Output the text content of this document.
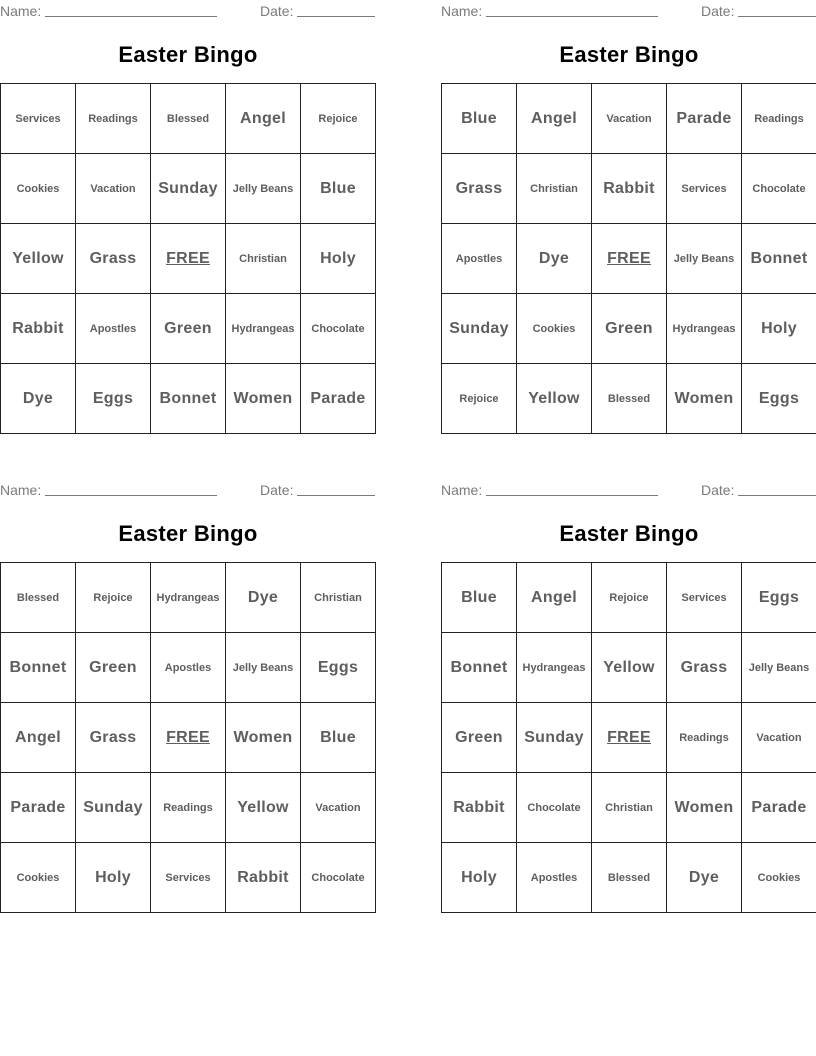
Name:	Date:
Easter Bingo
Services	Readings	Blessed	Angel	Rejoice
Cookies	Vacation	Sunday	Jelly Beans	Blue
Yellow	Grass	FREE	Christian	Holy
Rabbit	Apostles	Green	Hydrangeas	Chocolate
Dye	Eggs	Bonnet	Women	Parade
Name:	Date:
Easter Bingo
Blue	Angel	Vacation	Parade	Readings
Grass	Christian	Rabbit	Services	Chocolate
Apostles	Dye	FREE	Jelly Beans	Bonnet
Sunday	Cookies	Green	Hydrangeas	Holy
Rejoice	Yellow	Blessed	Women	Eggs
Name:	Date:
Easter Bingo
Blessed	Rejoice	Hydrangeas	Dye	Christian
Bonnet	Green	Apostles	Jelly Beans	Eggs
Angel	Grass	FREE	Women	Blue
Parade	Sunday	Readings	Yellow	Vacation
Cookies	Holy	Services	Rabbit	Chocolate
Name:	Date:
Easter Bingo
Blue	Angel	Rejoice	Services	Eggs
Bonnet	Hydrangeas	Yellow	Grass	Jelly Beans
Green	Sunday	FREE	Readings	Vacation
Rabbit	Chocolate	Christian	Women	Parade
Holy	Apostles	Blessed	Dye	Cookies
